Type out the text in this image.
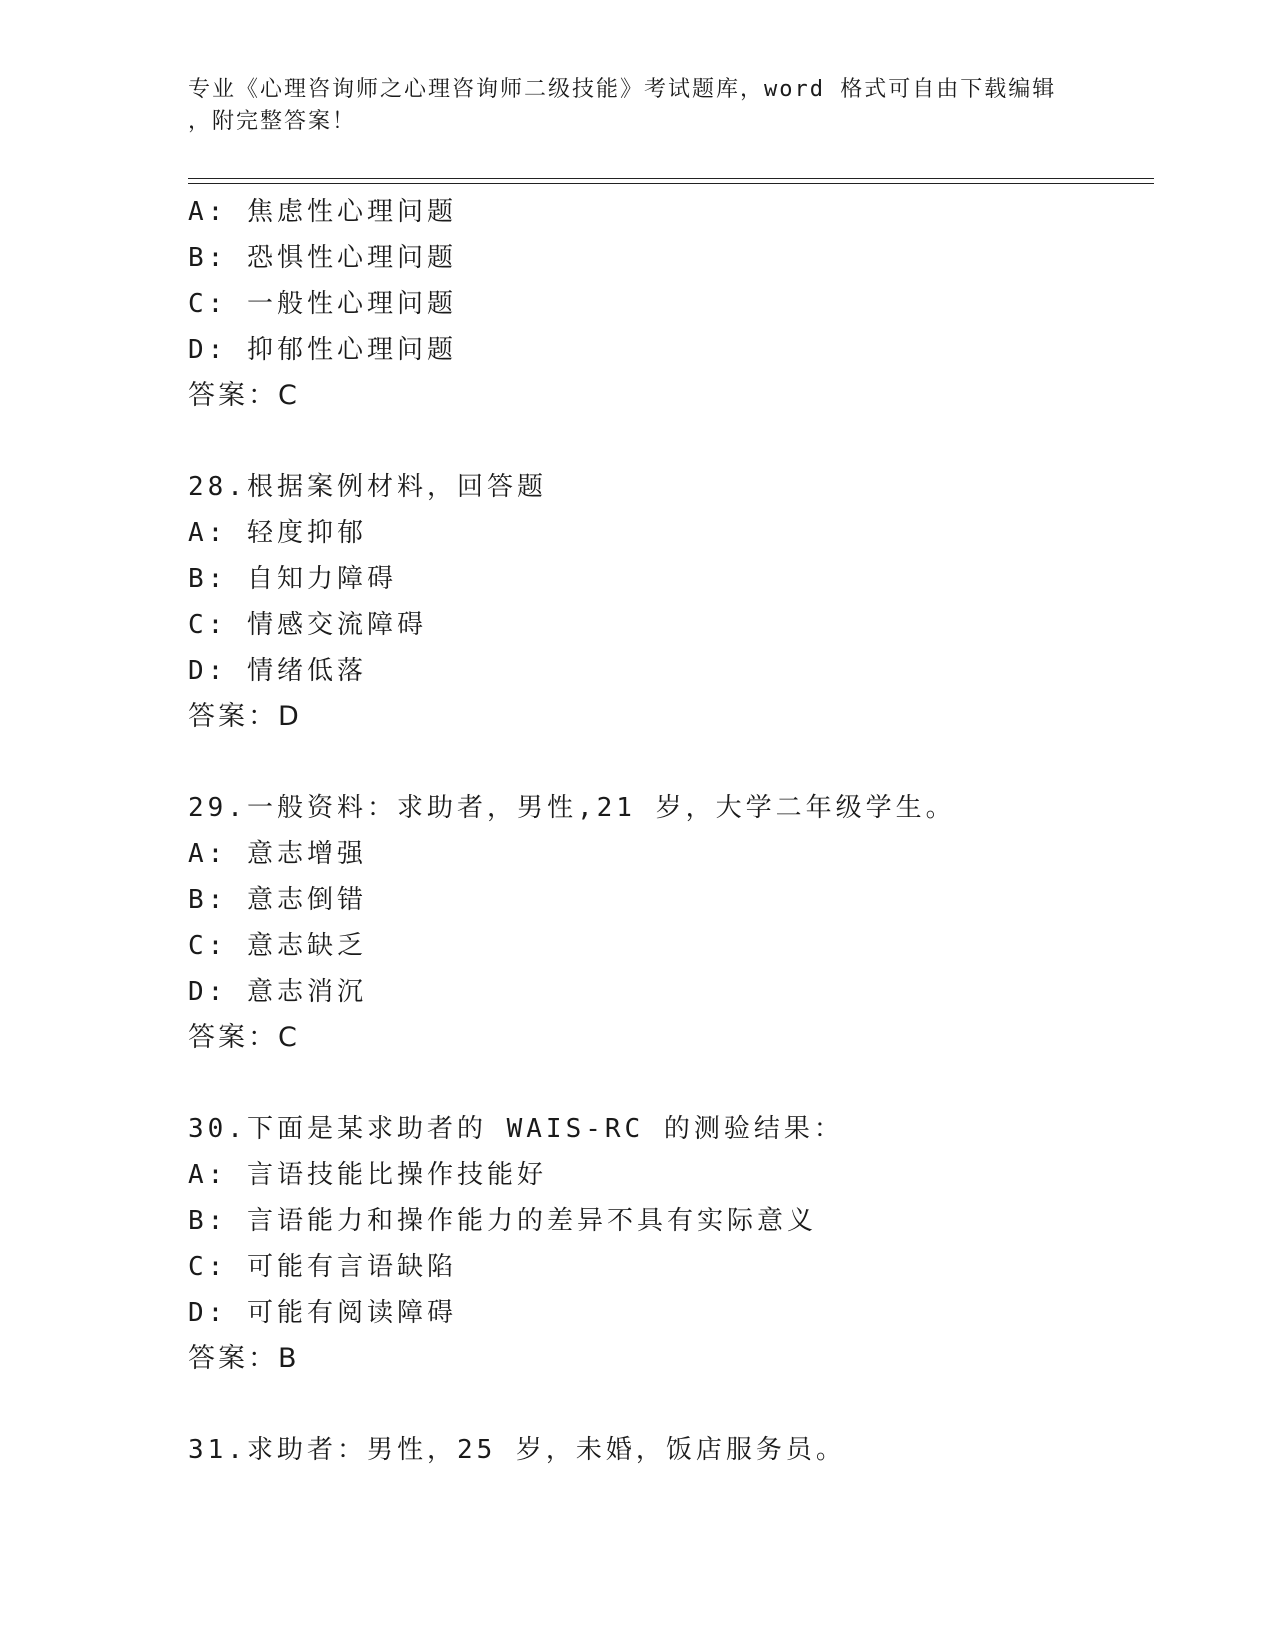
专业《心理咨询师之心理咨询师二级技能》考试题库，word 格式可自由下载编辑
，附完整答案！
A: 焦虑性心理问题
B: 恐惧性心理问题
C: 一般性心理问题
D: 抑郁性心理问题
答案：C
28.根据案例材料，回答题
A: 轻度抑郁
B: 自知力障碍
C: 情感交流障碍
D: 情绪低落
答案：D
29.一般资料：求助者，男性,21 岁，大学二年级学生。
A: 意志增强
B: 意志倒错
C: 意志缺乏
D: 意志消沉
答案：C
30.下面是某求助者的 WAIS-RC 的测验结果：
A: 言语技能比操作技能好
B: 言语能力和操作能力的差异不具有实际意义
C: 可能有言语缺陷
D: 可能有阅读障碍
答案：B
31.求助者：男性，25 岁，未婚，饭店服务员。
